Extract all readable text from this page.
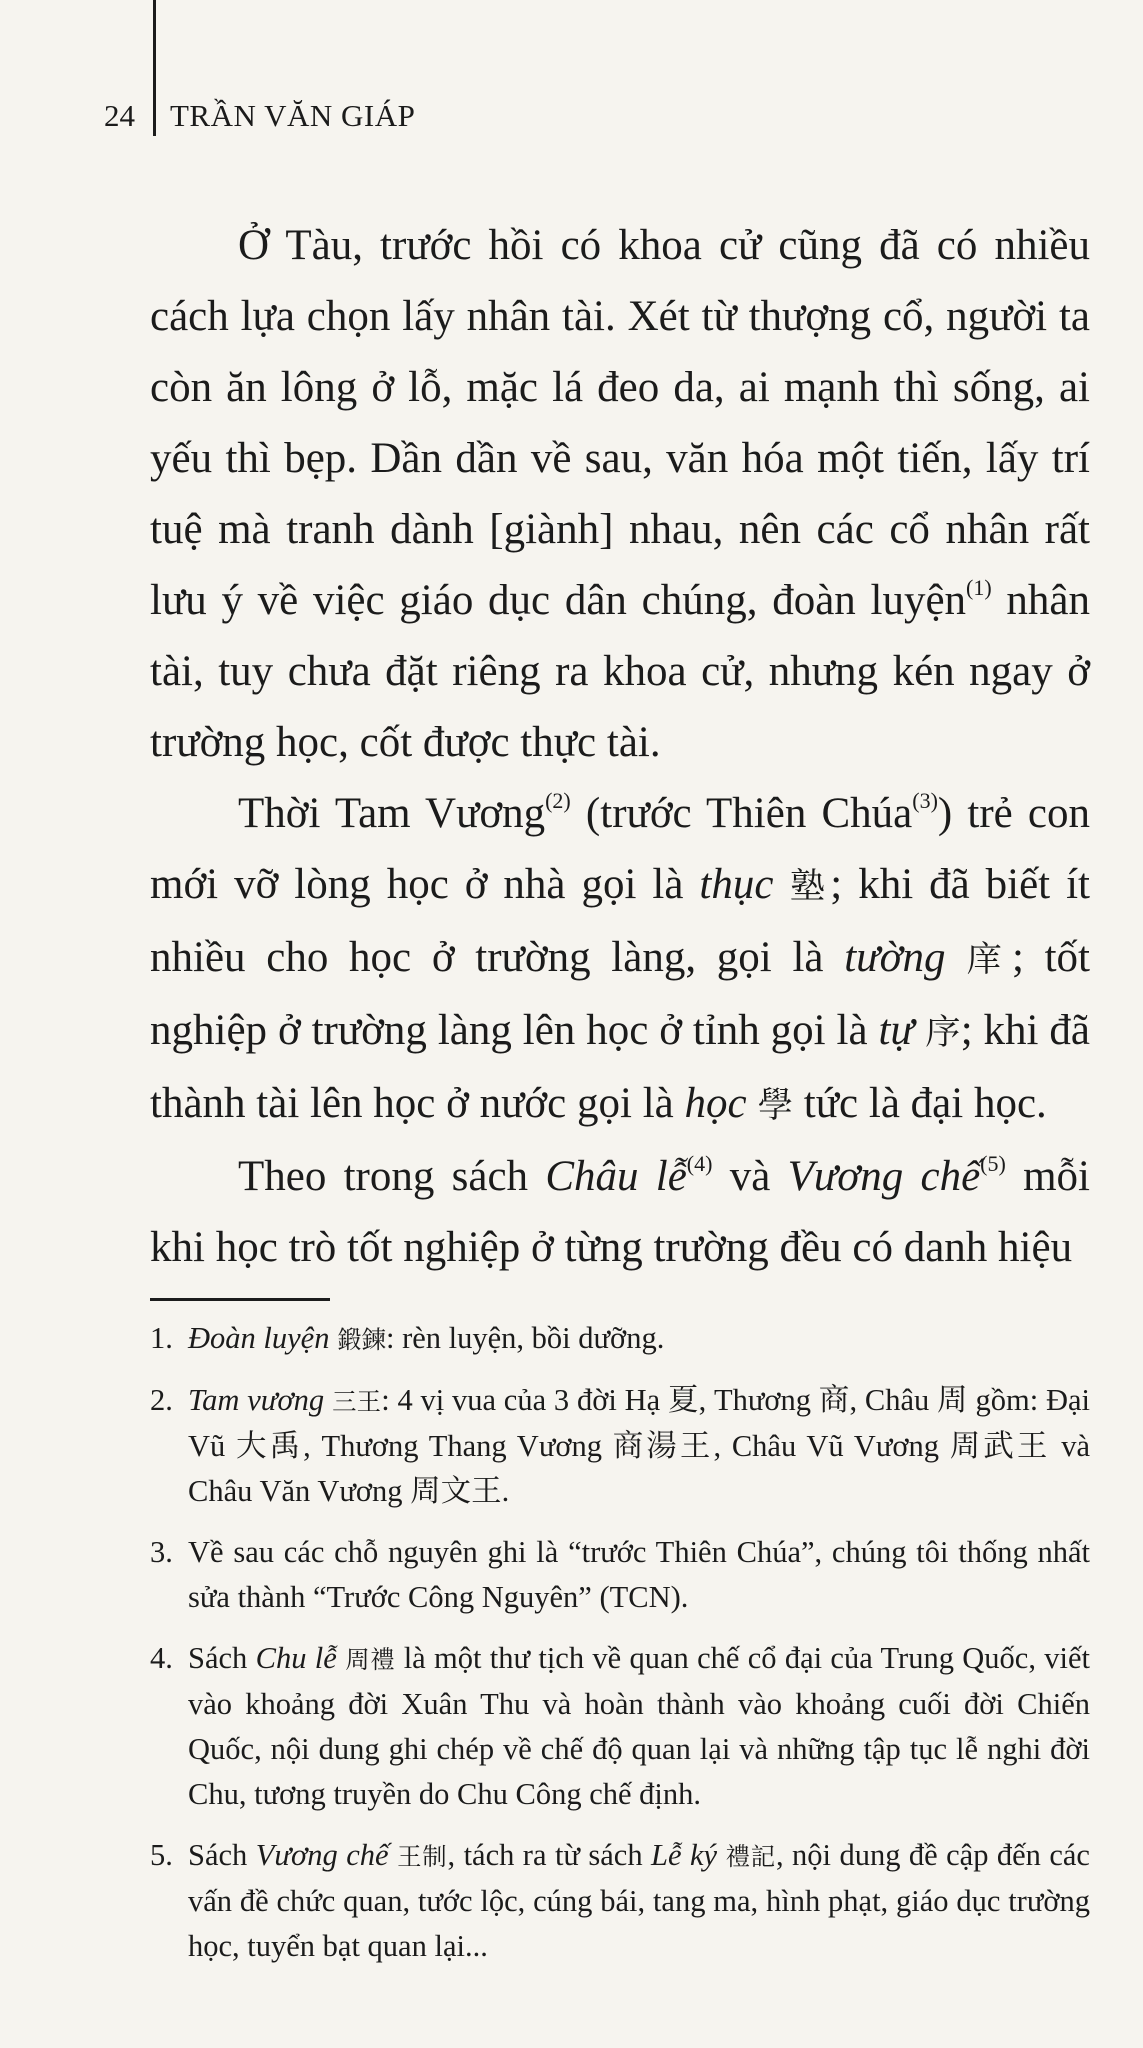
24 TRẦN VĂN GIÁP

Ở Tàu, trước hồi có khoa cử cũng đã có nhiều cách lựa chọn lấy nhân tài. Xét từ thượng cổ, người ta còn ăn lông ở lỗ, mặc lá đeo da, ai mạnh thì sống, ai yếu thì bẹp. Dần dần về sau, văn hóa một tiến, lấy trí tuệ mà tranh dành [giành] nhau, nên các cổ nhân rất lưu ý về việc giáo dục dân chúng, đoàn luyện$^{(1)}$ nhân tài, tuy chưa đặt riêng ra khoa cử, nhưng kén ngay ở trường học, cốt được thực tài.

Thời Tam Vương$^{(2)}$ (trước Thiên Chúa$^{(3)}$) trẻ con mới vỡ lòng học ở nhà gọi là thục 塾; khi đã biết ít nhiều cho học ở trường làng, gọi là tường 庠; tốt nghiệp ở trường làng lên học ở tỉnh gọi là tự 序; khi đã thành tài lên học ở nước gọi là học 學 tức là đại học.

Theo trong sách Châu lễ$^{(4)}$ và Vương chế$^{(5)}$ mỗi khi học trò tốt nghiệp ở từng trường đều có danh hiệu

1. Đoàn luyện 鍛鍊: rèn luyện, bồi dưỡng.
2. Tam vương 三王: 4 vị vua của 3 đời Hạ 夏, Thương 商, Châu 周 gồm: Đại Vũ 大禹, Thương Thang Vương 商湯王, Châu Vũ Vương 周武王 và Châu Văn Vương 周文王.
3. Về sau các chỗ nguyên ghi là “trước Thiên Chúa”, chúng tôi thống nhất sửa thành “Trước Công Nguyên” (TCN).
4. Sách Chu lễ 周禮 là một thư tịch về quan chế cổ đại của Trung Quốc, viết vào khoảng đời Xuân Thu và hoàn thành vào khoảng cuối đời Chiến Quốc, nội dung ghi chép về chế độ quan lại và những tập tục lễ nghi đời Chu, tương truyền do Chu Công chế định.
5. Sách Vương chế 王制, tách ra từ sách Lễ ký 禮記, nội dung đề cập đến các vấn đề chức quan, tước lộc, cúng bái, tang ma, hình phạt, giáo dục trường học, tuyển bạt quan lại...
